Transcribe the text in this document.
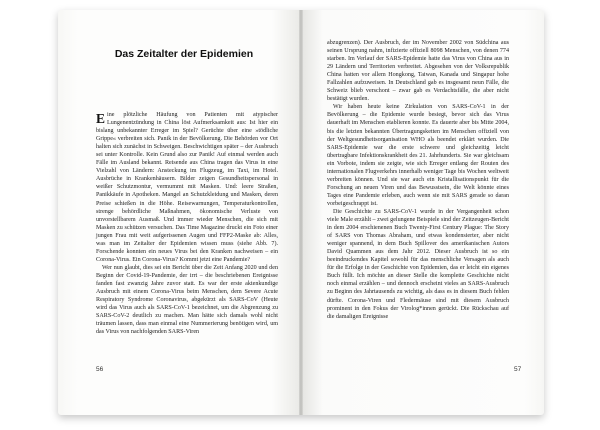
Das Zeitalter der Epidemien

Eine plötzliche Häufung von Patienten mit atypischer Lungenentzündung in China löst Aufmerksamkeit aus: Ist hier ein bislang unbekannter Erreger im Spiel? Gerüchte über eine »tödliche Grippe« verbreiten sich. Panik in der Bevölkerung. Die Behörden vor Ort halten sich zunächst in Schweigen. Beschwichtigen später – der Ausbruch sei unter Kontrolle. Kein Grund also zur Panik! Auf einmal werden auch Fälle im Ausland bekannt. Reisende aus China tragen das Virus in eine Vielzahl von Ländern: Ansteckung im Flugzeug, im Taxi, im Hotel. Ausbrüche in Krankenhäusern. Bilder zeigen Gesundheitspersonal in weißer Schutzmontur, vermummt mit Masken. Und: leere Straßen, Panikkäufe in Apotheken. Mangel an Schutzkleidung und Masken, deren Preise schießen in die Höhe. Reisewarnungen, Temperaturkontrollen, strenge behördliche Maßnahmen, ökonomische Verluste von unvorstellbarem Ausmaß. Und immer wieder Menschen, die sich mit Masken zu schützen versuchen. Das Time Magazine druckt ein Foto einer jungen Frau mit weit aufgerissenen Augen und FFP2-Maske ab: Alles, was man im Zeitalter der Epidemien wissen muss (siehe Abb. 7). Forschende konnten ein neues Virus bei den Kranken nachweisen – ein Corona-Virus. Ein Corona-Virus? Kommt jetzt eine Pandemie?

Wer nun glaubt, dies sei ein Bericht über die Zeit Anfang 2020 und den Beginn der Covid-19-Pandemie, der irrt – die beschriebenen Ereignisse fanden fast zwanzig Jahre zuvor statt. Es war der erste aktenkundige Ausbruch mit einem Corona-Virus beim Menschen, dem Severe Acute Respiratory Syndrome Coronavirus, abgekürzt als SARS-CoV (Heute wird das Virus auch als SARS-CoV-1 bezeichnet, um die Abgrenzung zu SARS-CoV-2 deutlich zu machen. Man hätte sich damals wohl nicht träumen lassen, dass man einmal eine Nummerierung benötigen wird, um das Virus von nachfolgenden SARS-Viren

56

abzugrenzen). Der Ausbruch, der im November 2002 von Südchina aus seinen Ursprung nahm, infizierte offiziell 8098 Menschen, von denen 774 starben. Im Verlauf der SARS-Epidemie hatte das Virus von China aus in 29 Ländern und Territorien verbreitet. Abgesehen von der Volksrepublik China hatten vor allem Hongkong, Taiwan, Kanada und Singapur hohe Fallzahlen aufzuweisen. In Deutschland gab es insgesamt neun Fälle, die Schweiz blieb verschont – zwar gab es Verdachtsfälle, die aber nicht bestätigt wurden.

Wir haben heute keine Zirkulation von SARS-CoV-1 in der Bevölkerung – die Epidemie wurde besiegt, bevor sich das Virus dauerhaft im Menschen etablieren konnte. Es dauerte aber bis Mitte 2004, bis die letzten bekannten Übertragungsketten im Menschen offiziell von der Weltgesundheitsorganisation WHO als beendet erklärt wurden. Die SARS-Epidemie war die erste schwere und gleichzeitig leicht übertragbare Infektionskrankheit des 21. Jahrhunderts. Sie war gleichsam ein Vorbote, indem sie zeigte, wie sich Erreger entlang der Routen des internationalen Flugverkehrs innerhalb weniger Tage bis Wochen weltweit verbreiten können. Und sie war auch ein Kristallisationspunkt für die Forschung an neuen Viren und das Bewusstsein, die Welt könnte eines Tages eine Pandemie erleben, auch wenn sie mit SARS gerade so daran vorbeigeschrappt ist.

Die Geschichte zu SARS-CoV-1 wurde in der Vergangenheit schon viele Male erzählt – zwei gelungene Beispiele sind der Zeitzeugen-Bericht in dem 2004 erschienenen Buch Twenty-First Century Plague: The Story of SARS von Thomas Abraham, und etwas kondensierter, aber nicht weniger spannend, in dem Buch Spillover des amerikanischen Autors David Quammen aus dem Jahr 2012. Dieser Ausbruch ist so ein beeindruckendes Kapitel sowohl für das menschliche Versagen als auch für die Erfolge in der Geschichte von Epidemien, das er leicht ein eigenes Buch füllt. Ich möchte an dieser Stelle die komplette Geschichte nicht noch einmal erzählen – und dennoch erscheint vieles an SARS-Ausbruch zu Beginn des Jahrtausends zu wichtig, als dass es in diesem Buch fehlen dürfte. Corona-Viren und Fledermäuse sind mit diesem Ausbruch prominent in den Fokus der Virolog*innen gerückt. Die Rückschau auf die damaligen Ereignisse

57
